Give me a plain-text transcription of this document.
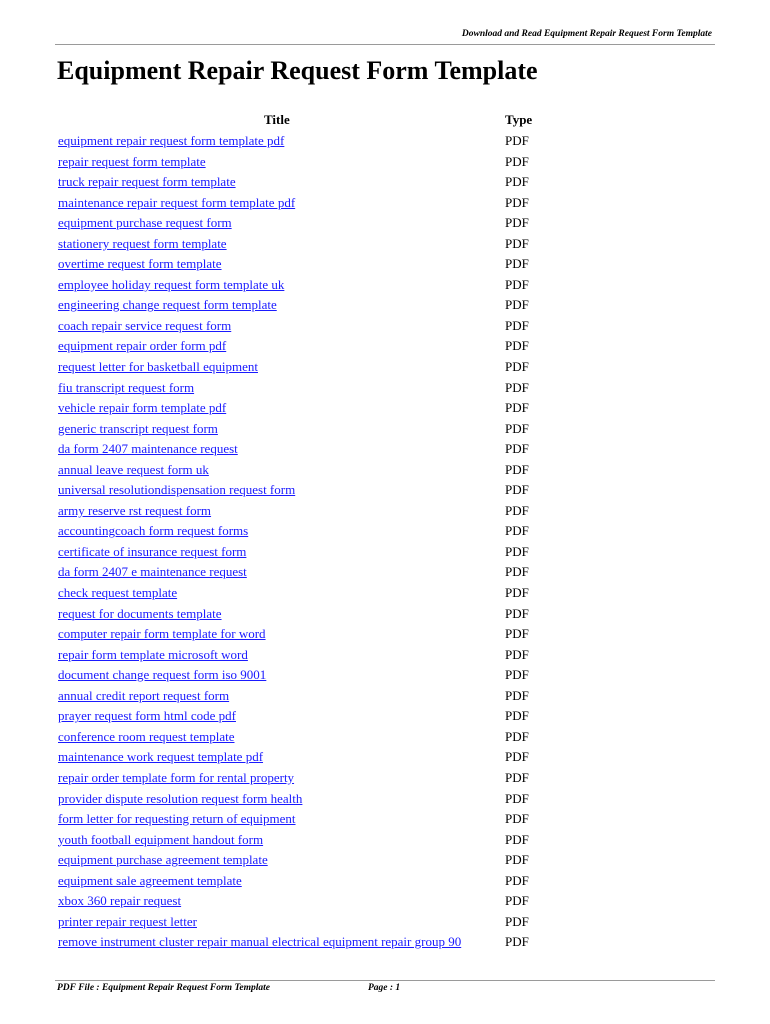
Download and Read Equipment Repair Request Form Template
Equipment Repair Request Form Template
Title	Type
equipment repair request form template pdf	PDF
repair request form template	PDF
truck repair request form template	PDF
maintenance repair request form template pdf	PDF
equipment purchase request form	PDF
stationery request form template	PDF
overtime request form template	PDF
employee holiday request form template uk	PDF
engineering change request form template	PDF
coach repair service request form	PDF
equipment repair order form pdf	PDF
request letter for basketball equipment	PDF
fiu transcript request form	PDF
vehicle repair form template pdf	PDF
generic transcript request form	PDF
da form 2407 maintenance request	PDF
annual leave request form uk	PDF
universal resolutiondispensation request form	PDF
army reserve rst request form	PDF
accountingcoach form request forms	PDF
certificate of insurance request form	PDF
da form 2407 e maintenance request	PDF
check request template	PDF
request for documents template	PDF
computer repair form template for word	PDF
repair form template microsoft word	PDF
document change request form iso 9001	PDF
annual credit report request form	PDF
prayer request form html code pdf	PDF
conference room request template	PDF
maintenance work request template pdf	PDF
repair order template form for rental property	PDF
provider dispute resolution request form health	PDF
form letter for requesting return of equipment	PDF
youth football equipment handout form	PDF
equipment purchase agreement template	PDF
equipment sale agreement template	PDF
xbox 360 repair request	PDF
printer repair request letter	PDF
remove instrument cluster repair manual electrical equipment repair group 90	PDF
PDF File : Equipment Repair Request Form Template	Page : 1
